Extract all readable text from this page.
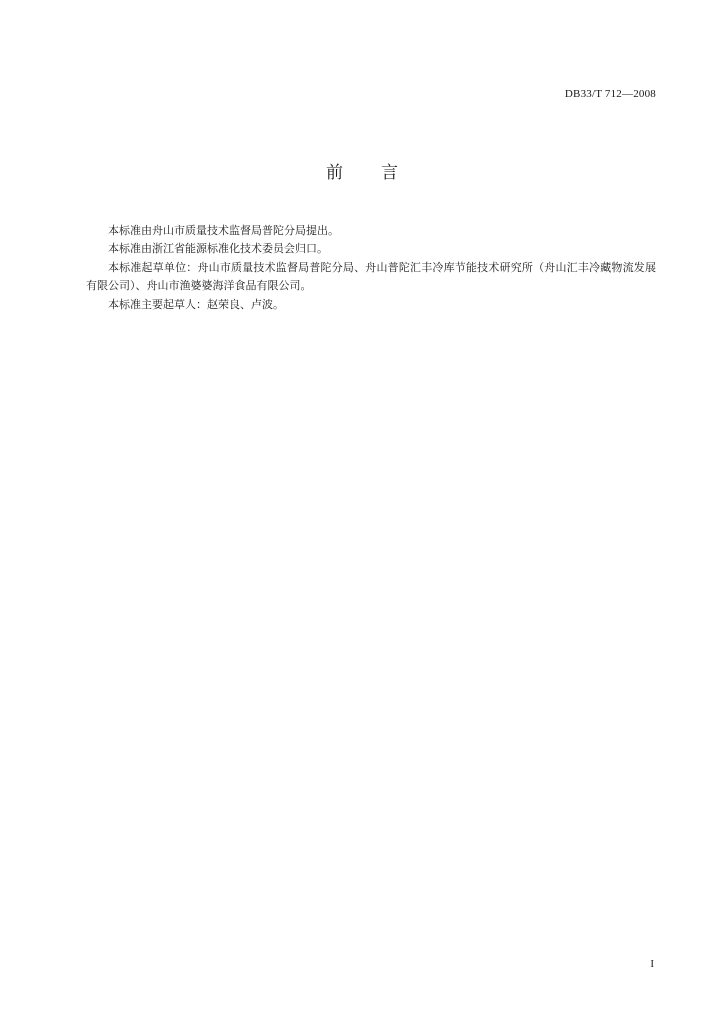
DB33/T 712—2008
前 言

本标准由舟山市质量技术监督局普陀分局提出。

本标准由浙江省能源标准化技术委员会归口。

本标准起草单位：舟山市质量技术监督局普陀分局、舟山普陀汇丰冷库节能技术研究所（舟山汇丰冷藏物流发展有限公司）、舟山市渔婆婆海洋食品有限公司。

本标准主要起草人：赵荣良、卢波。

I
